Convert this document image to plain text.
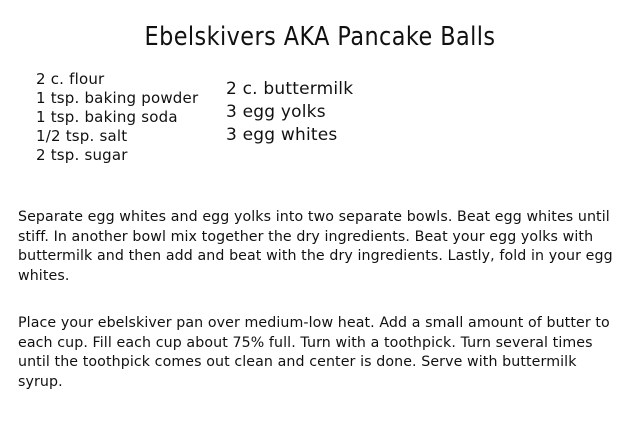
Ebelskivers AKA Pancake Balls
2 c. flour
1 tsp. baking powder
1 tsp. baking soda
1/2 tsp. salt
2 tsp. sugar
2 c. buttermilk
3 egg yolks
3 egg whites
Separate egg whites and egg yolks into two separate bowls. Beat egg whites until stiff. In another bowl mix together the dry ingredients. Beat your egg yolks with buttermilk and then add and beat with the dry ingredients. Lastly, fold in your egg whites.
Place your ebelskiver pan over medium-low heat. Add a small amount of butter to each cup. Fill each cup about 75% full. Turn with a toothpick. Turn several times until the toothpick comes out clean and center is done. Serve with buttermilk syrup.
